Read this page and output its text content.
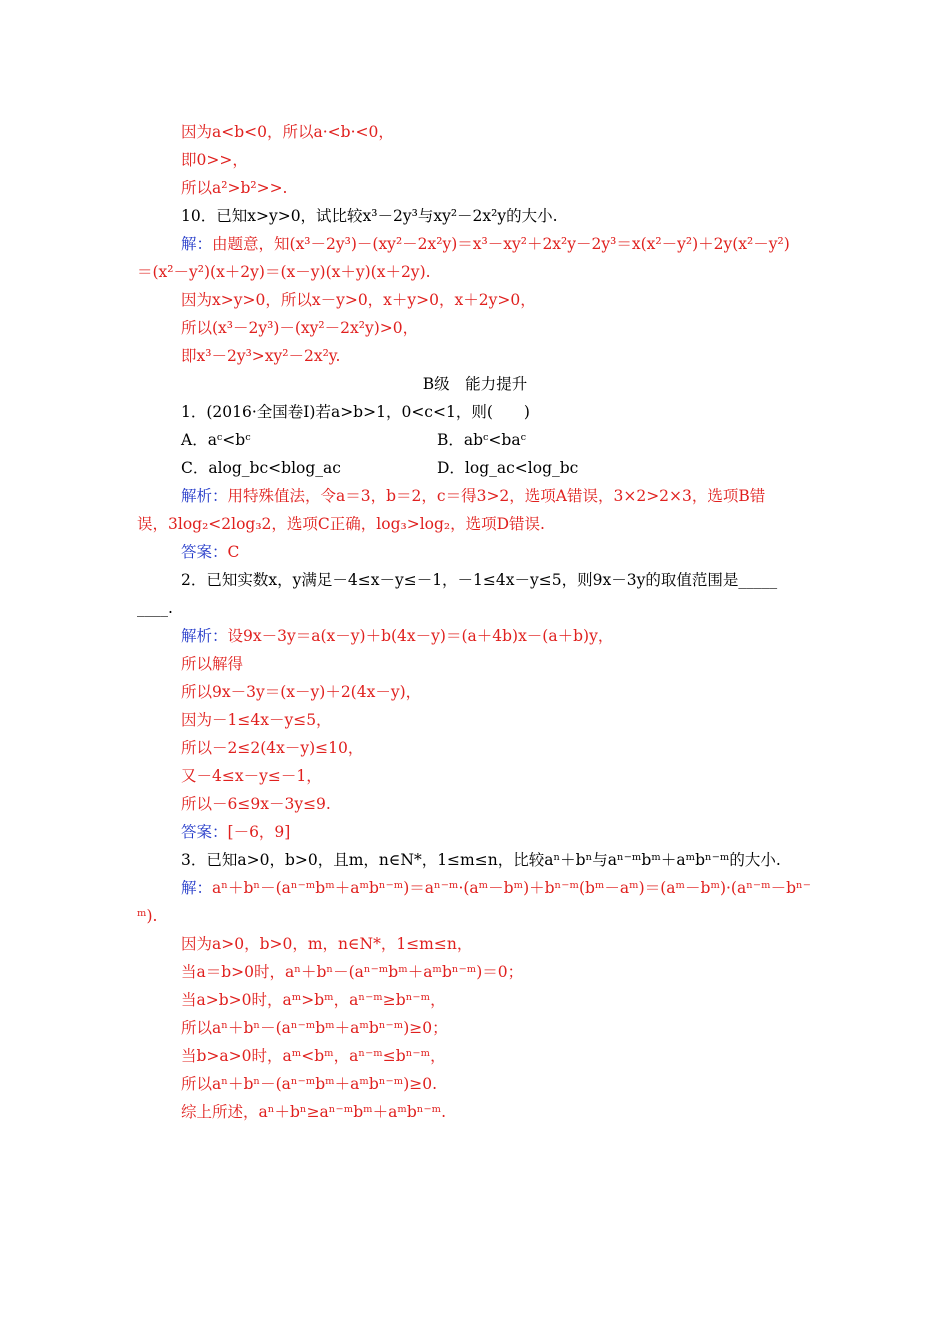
因为a<b<0，所以a·<b·<0，
即0>>，
所以a²>b²>>.
10．已知x>y>0，试比较x³－2y³与xy²－2x²y的大小.
解：由题意，知(x³－2y³)－(xy²－2x²y)＝x³－xy²＋2x²y－2y³＝x(x²－y²)＋2y(x²－y²)
＝(x²－y²)(x＋2y)＝(x－y)(x＋y)(x＋2y).
因为x>y>0，所以x－y>0，x＋y>0，x＋2y>0，
所以(x³－2y³)－(xy²－2x²y)>0，
即x³－2y³>xy²－2x²y.
B级　能力提升
1．(2016·全国卷Ⅰ)若a>b>1，0<c<1，则(　　)
A．aᶜ<bᶜ	B．abᶜ<baᶜ
C．alog_bc<blog_ac	D．log_ac<log_bc
解析：用特殊值法，令a＝3，b＝2，c＝得3>2，选项A错误，3×2>2×3，选项B错
误，3log₂<2log₃2，选项C正确，log₃>log₂，选项D错误.
答案：C
2．已知实数x，y满足－4≤x－y≤－1，－1≤4x－y≤5，则9x－3y的取值范围是_____
____.
解析：设9x－3y＝a(x－y)＋b(4x－y)＝(a＋4b)x－(a＋b)y，
所以解得
所以9x－3y＝(x－y)＋2(4x－y)，
因为－1≤4x－y≤5，
所以－2≤2(4x－y)≤10，
又－4≤x－y≤－1，
所以－6≤9x－3y≤9.
答案：[－6，9]
3．已知a>0，b>0，且m，n∈N*，1≤m≤n，比较aⁿ＋bⁿ与aⁿ⁻ᵐbᵐ＋aᵐbⁿ⁻ᵐ的大小.
解：aⁿ＋bⁿ－(aⁿ⁻ᵐbᵐ＋aᵐbⁿ⁻ᵐ)＝aⁿ⁻ᵐ·(aᵐ－bᵐ)＋bⁿ⁻ᵐ(bᵐ－aᵐ)＝(aᵐ－bᵐ)·(aⁿ⁻ᵐ－bⁿ⁻
ᵐ).
因为a>0，b>0，m，n∈N*，1≤m≤n，
当a＝b>0时，aⁿ＋bⁿ－(aⁿ⁻ᵐbᵐ＋aᵐbⁿ⁻ᵐ)＝0；
当a>b>0时，aᵐ>bᵐ，aⁿ⁻ᵐ≥bⁿ⁻ᵐ，
所以aⁿ＋bⁿ－(aⁿ⁻ᵐbᵐ＋aᵐbⁿ⁻ᵐ)≥0；
当b>a>0时，aᵐ<bᵐ，aⁿ⁻ᵐ≤bⁿ⁻ᵐ，
所以aⁿ＋bⁿ－(aⁿ⁻ᵐbᵐ＋aᵐbⁿ⁻ᵐ)≥0.
综上所述，aⁿ＋bⁿ≥aⁿ⁻ᵐbᵐ＋aᵐbⁿ⁻ᵐ.
